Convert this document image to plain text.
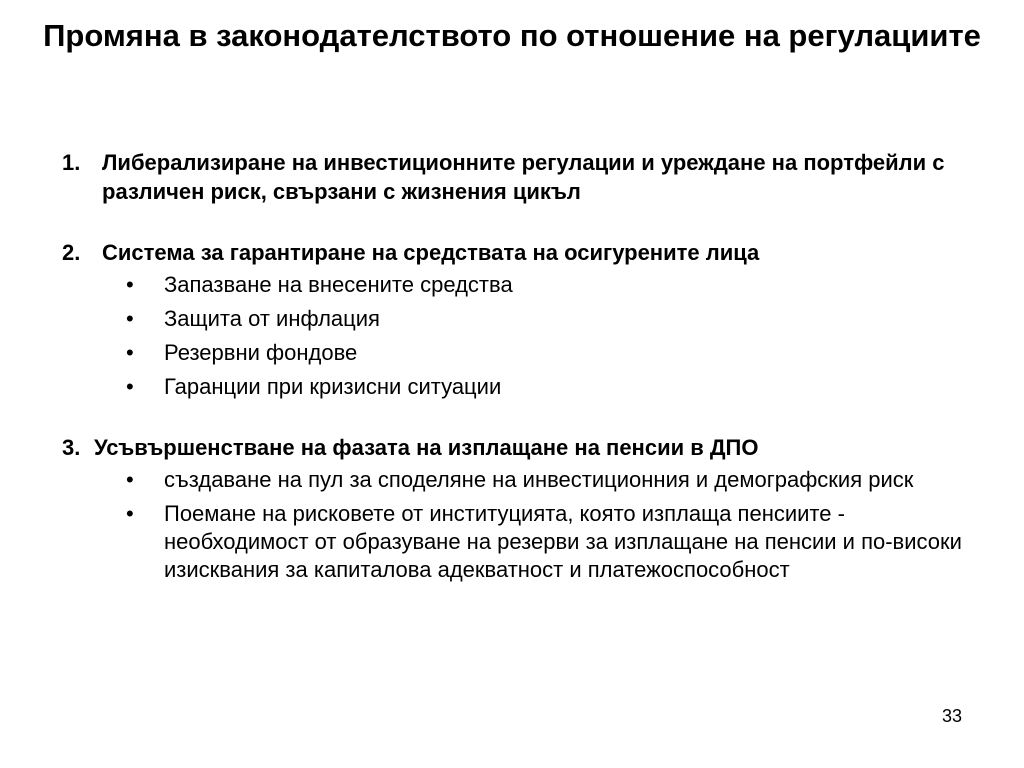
Промяна в законодателството по отношение на регулациите
1. Либерализиране на инвестиционните регулации и уреждане на портфейли с различен риск, свързани с жизнения цикъл
2. Система за гарантиране на средствата на осигурените лица
• Запазване на внесените средства
• Защита от инфлация
• Резервни фондове
• Гаранции при кризисни ситуации
3. Усъвършенстване на фазата на изплащане на пенсии в ДПО
• създаване на пул за споделяне на инвестиционния и демографския риск
• Поемане на рисковете от институцията, която изплаща пенсиите - необходимост от образуване на резерви за изплащане на пенсии и по-високи изисквания за капиталова адекватност и платежоспособност
33
